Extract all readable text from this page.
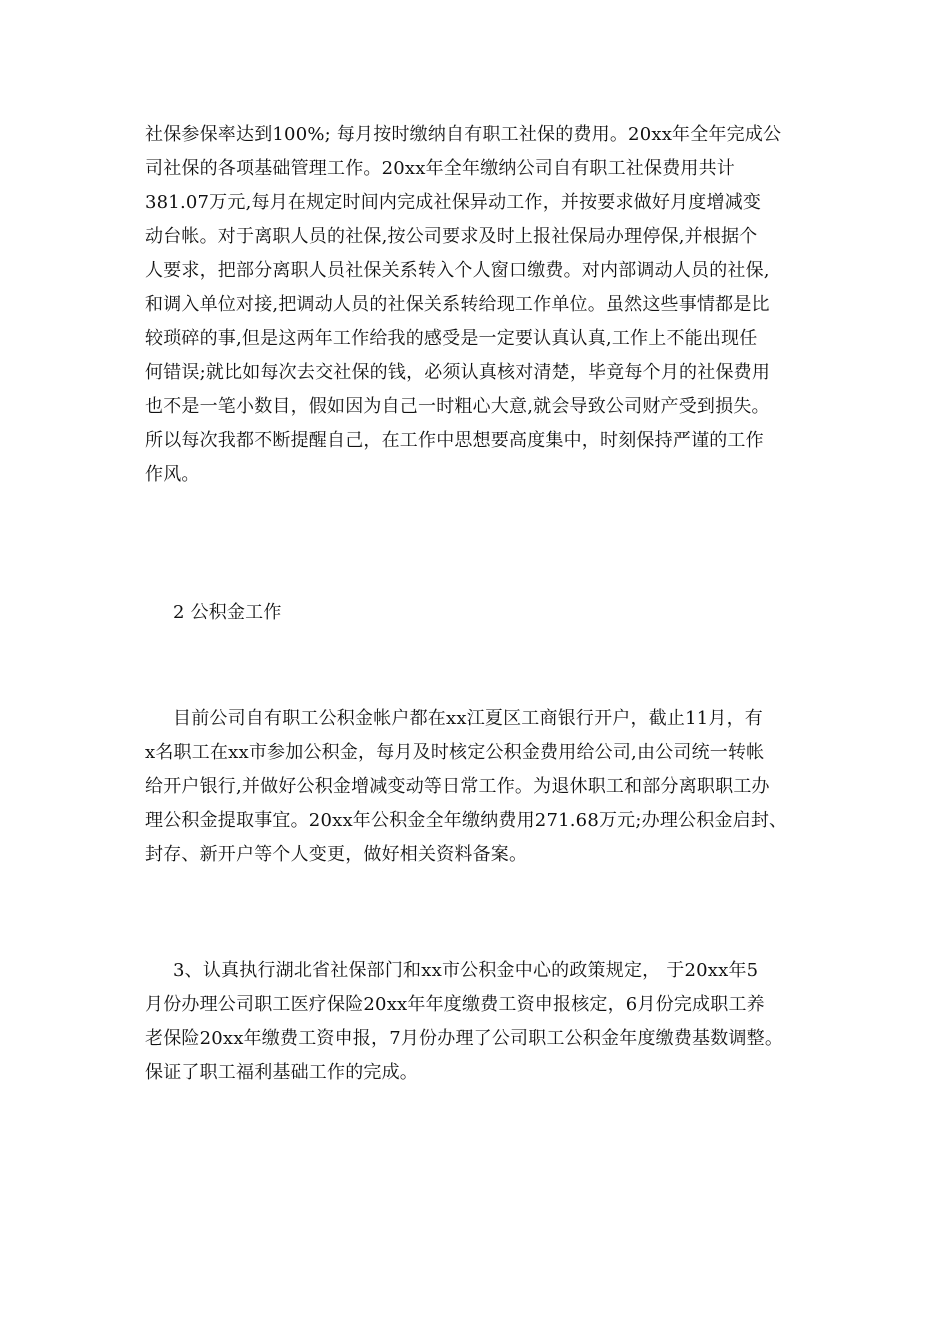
社保参保率达到100%; 每月按时缴纳自有职工社保的费用。20xx年全年完成公
司社保的各项基础管理工作。20xx年全年缴纳公司自有职工社保费用共计
381.07万元,每月在规定时间内完成社保异动工作，并按要求做好月度增减变
动台帐。对于离职人员的社保,按公司要求及时上报社保局办理停保,并根据个
人要求，把部分离职人员社保关系转入个人窗口缴费。对内部调动人员的社保,
和调入单位对接,把调动人员的社保关系转给现工作单位。虽然这些事情都是比
较琐碎的事,但是这两年工作给我的感受是一定要认真认真,工作上不能出现任
何错误;就比如每次去交社保的钱，必须认真核对清楚，毕竟每个月的社保费用
也不是一笔小数目，假如因为自己一时粗心大意,就会导致公司财产受到损失。
所以每次我都不断提醒自己，在工作中思想要高度集中，时刻保持严谨的工作
作风。
2 公积金工作
目前公司自有职工公积金帐户都在xx江夏区工商银行开户，截止11月，有
x名职工在xx市参加公积金，每月及时核定公积金费用给公司,由公司统一转帐
给开户银行,并做好公积金增减变动等日常工作。为退休职工和部分离职职工办
理公积金提取事宜。20xx年公积金全年缴纳费用271.68万元;办理公积金启封、
封存、新开户等个人变更，做好相关资料备案。
3、认真执行湖北省社保部门和xx市公积金中心的政策规定， 于20xx年5
月份办理公司职工医疗保险20xx年年度缴费工资申报核定，6月份完成职工养
老保险20xx年缴费工资申报，7月份办理了公司职工公积金年度缴费基数调整。
保证了职工福利基础工作的完成。
